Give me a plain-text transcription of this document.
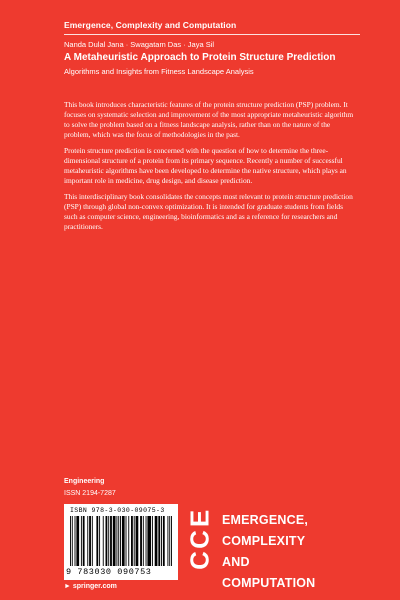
Emergence, Complexity and Computation
Nanda Dulal Jana · Swagatam Das · Jaya Sil
A Metaheuristic Approach to Protein Structure Prediction
Algorithms and Insights from Fitness Landscape Analysis

This book introduces characteristic features of the protein structure prediction (PSP) problem. It focuses on systematic selection and improvement of the most appropriate metaheuristic algorithm to solve the problem based on a fitness landscape analysis, rather than on the nature of the problem, which was the focus of methodologies in the past.

Protein structure prediction is concerned with the question of how to determine the three-dimensional structure of a protein from its primary sequence. Recently a number of successful metaheuristic algorithms have been developed to determine the native structure, which plays an important role in medicine, drug design, and disease prediction.

This interdisciplinary book consolidates the concepts most relevant to protein structure prediction (PSP) through global non-convex optimization. It is intended for graduate students from fields such as computer science, engineering, bioinformatics and as a reference for researchers and practitioners.

Engineering
ISSN 2194-7287
ISBN 978-3-030-09075-3
9 783030 090753
E
C
C
EMERGENCE,
COMPLEXITY
AND
COMPUTATION
► springer.com
